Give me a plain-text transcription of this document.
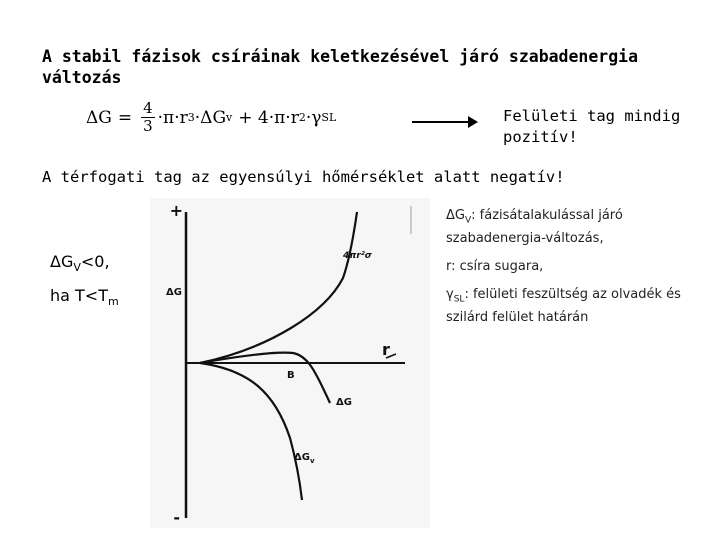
A stabil fázisok csíráinak keletkezésével járó szabadenergia változás
$\Delta G = \frac{4}{3} \cdot\pi\cdot r$ 3 ·ΔG v + 4·π·r 2 ·γ SL	Felületi tag mindig pozitív!
A térfogati tag az egyensúlyi hőmérséklet alatt negatív!
$\Delta G_V<0$,
ha $T<T_m$
$\Delta G_V$: fázisátalakulással járó szabadenergia-változás,
r: csíra sugara,
$\gamma_{SL}$: felületi feszültség az olvadék és szilárd felület határán
+
-
ΔG
r
4πr²σ
ΔG
$\Delta G_v$
B
